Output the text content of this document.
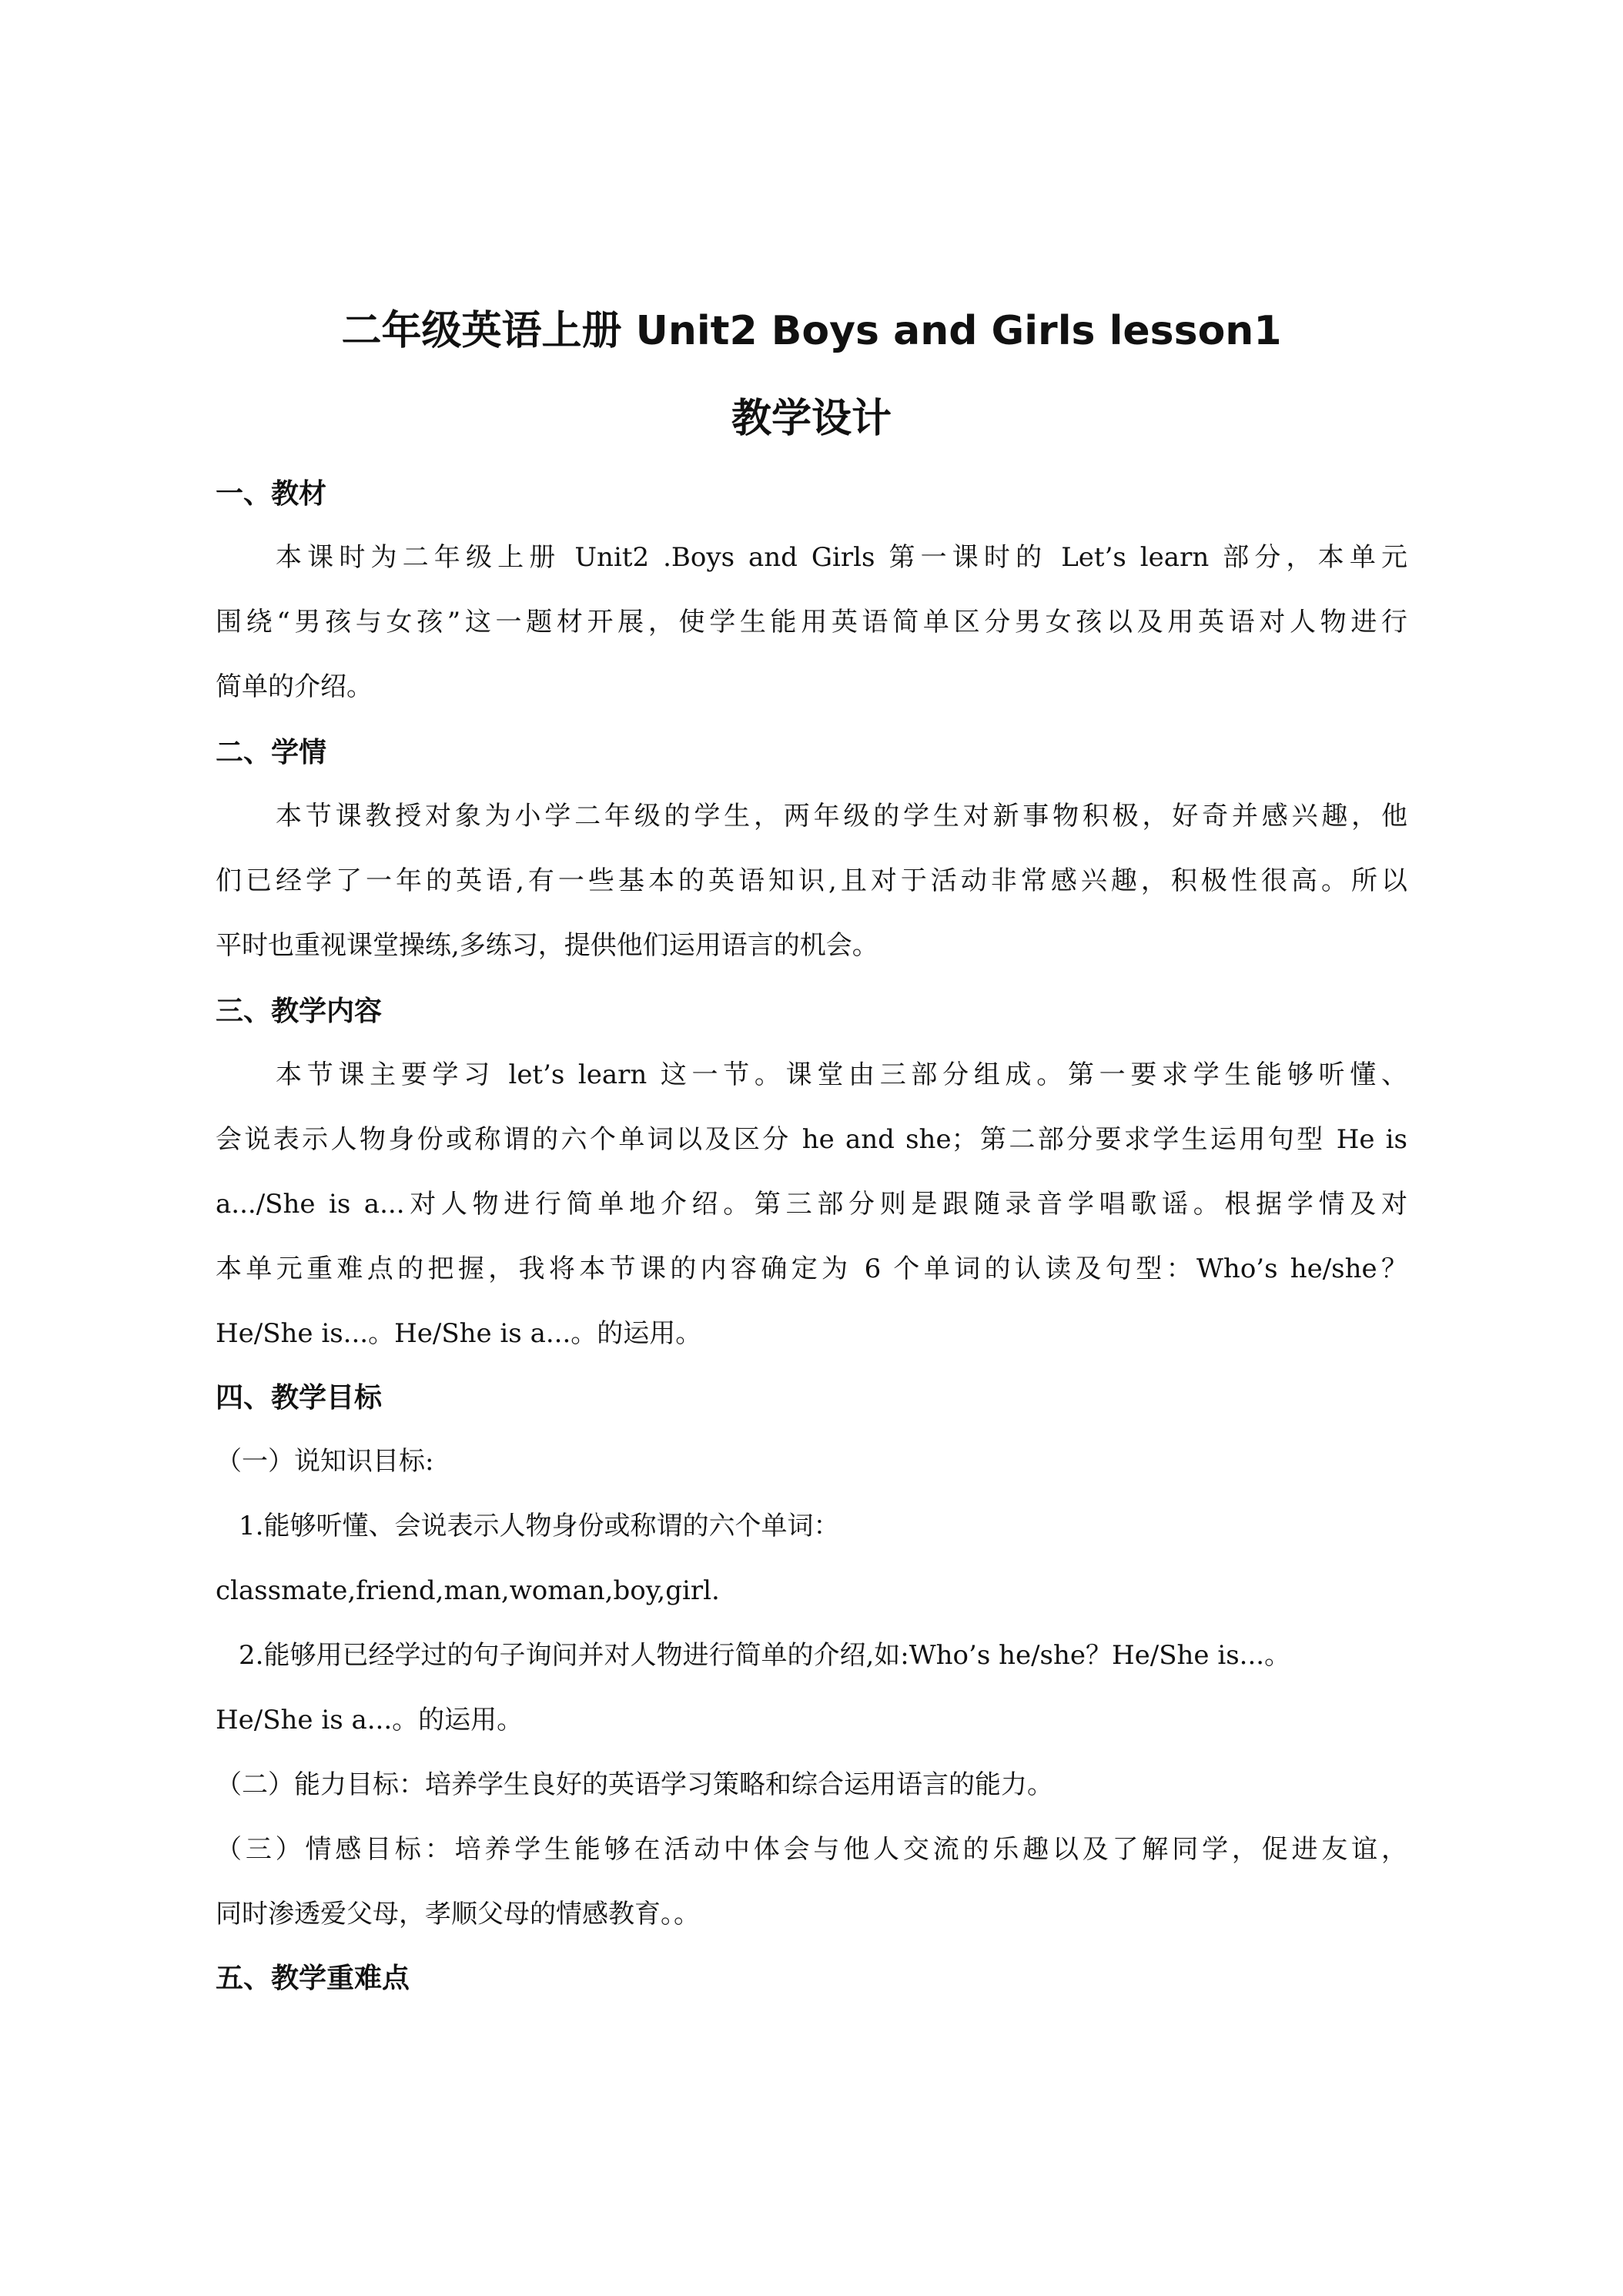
二年级英语上册 Unit2 Boys and Girls lesson1
教学设计
一、教材

本课时为二年级上册 Unit2 .Boys and Girls 第一课时的 Let’s learn 部分，本单元

围绕“男孩与女孩”这一题材开展，使学生能用英语简单区分男女孩以及用英语对人物进行

简单的介绍。

二、学情

本节课教授对象为小学二年级的学生，两年级的学生对新事物积极，好奇并感兴趣，他

们已经学了一年的英语,有一些基本的英语知识,且对于活动非常感兴趣，积极性很高。所以

平时也重视课堂操练,多练习，提供他们运用语言的机会。

三、教学内容

本节课主要学习 let’s learn 这一节。课堂由三部分组成。第一要求学生能够听懂、

会说表示人物身份或称谓的六个单词以及区分 he and she；第二部分要求学生运用句型 He is

a.../She is a...对人物进行简单地介绍。第三部分则是跟随录音学唱歌谣。根据学情及对

本单元重难点的把握，我将本节课的内容确定为 6 个单词的认读及句型：Who’s he/she？

He/She is...。He/She is a...。的运用。

四、教学目标

（一）说知识目标:

1.能够听懂、会说表示人物身份或称谓的六个单词：

classmate,friend,man,woman,boy,girl.

2.能够用已经学过的句子询问并对人物进行简单的介绍,如:Who’s he/she？He/She is...。

He/She is a...。的运用。

（二）能力目标：培养学生良好的英语学习策略和综合运用语言的能力。

（三）情感目标：培养学生能够在活动中体会与他人交流的乐趣以及了解同学，促进友谊，

同时渗透爱父母，孝顺父母的情感教育。。

五、教学重难点
